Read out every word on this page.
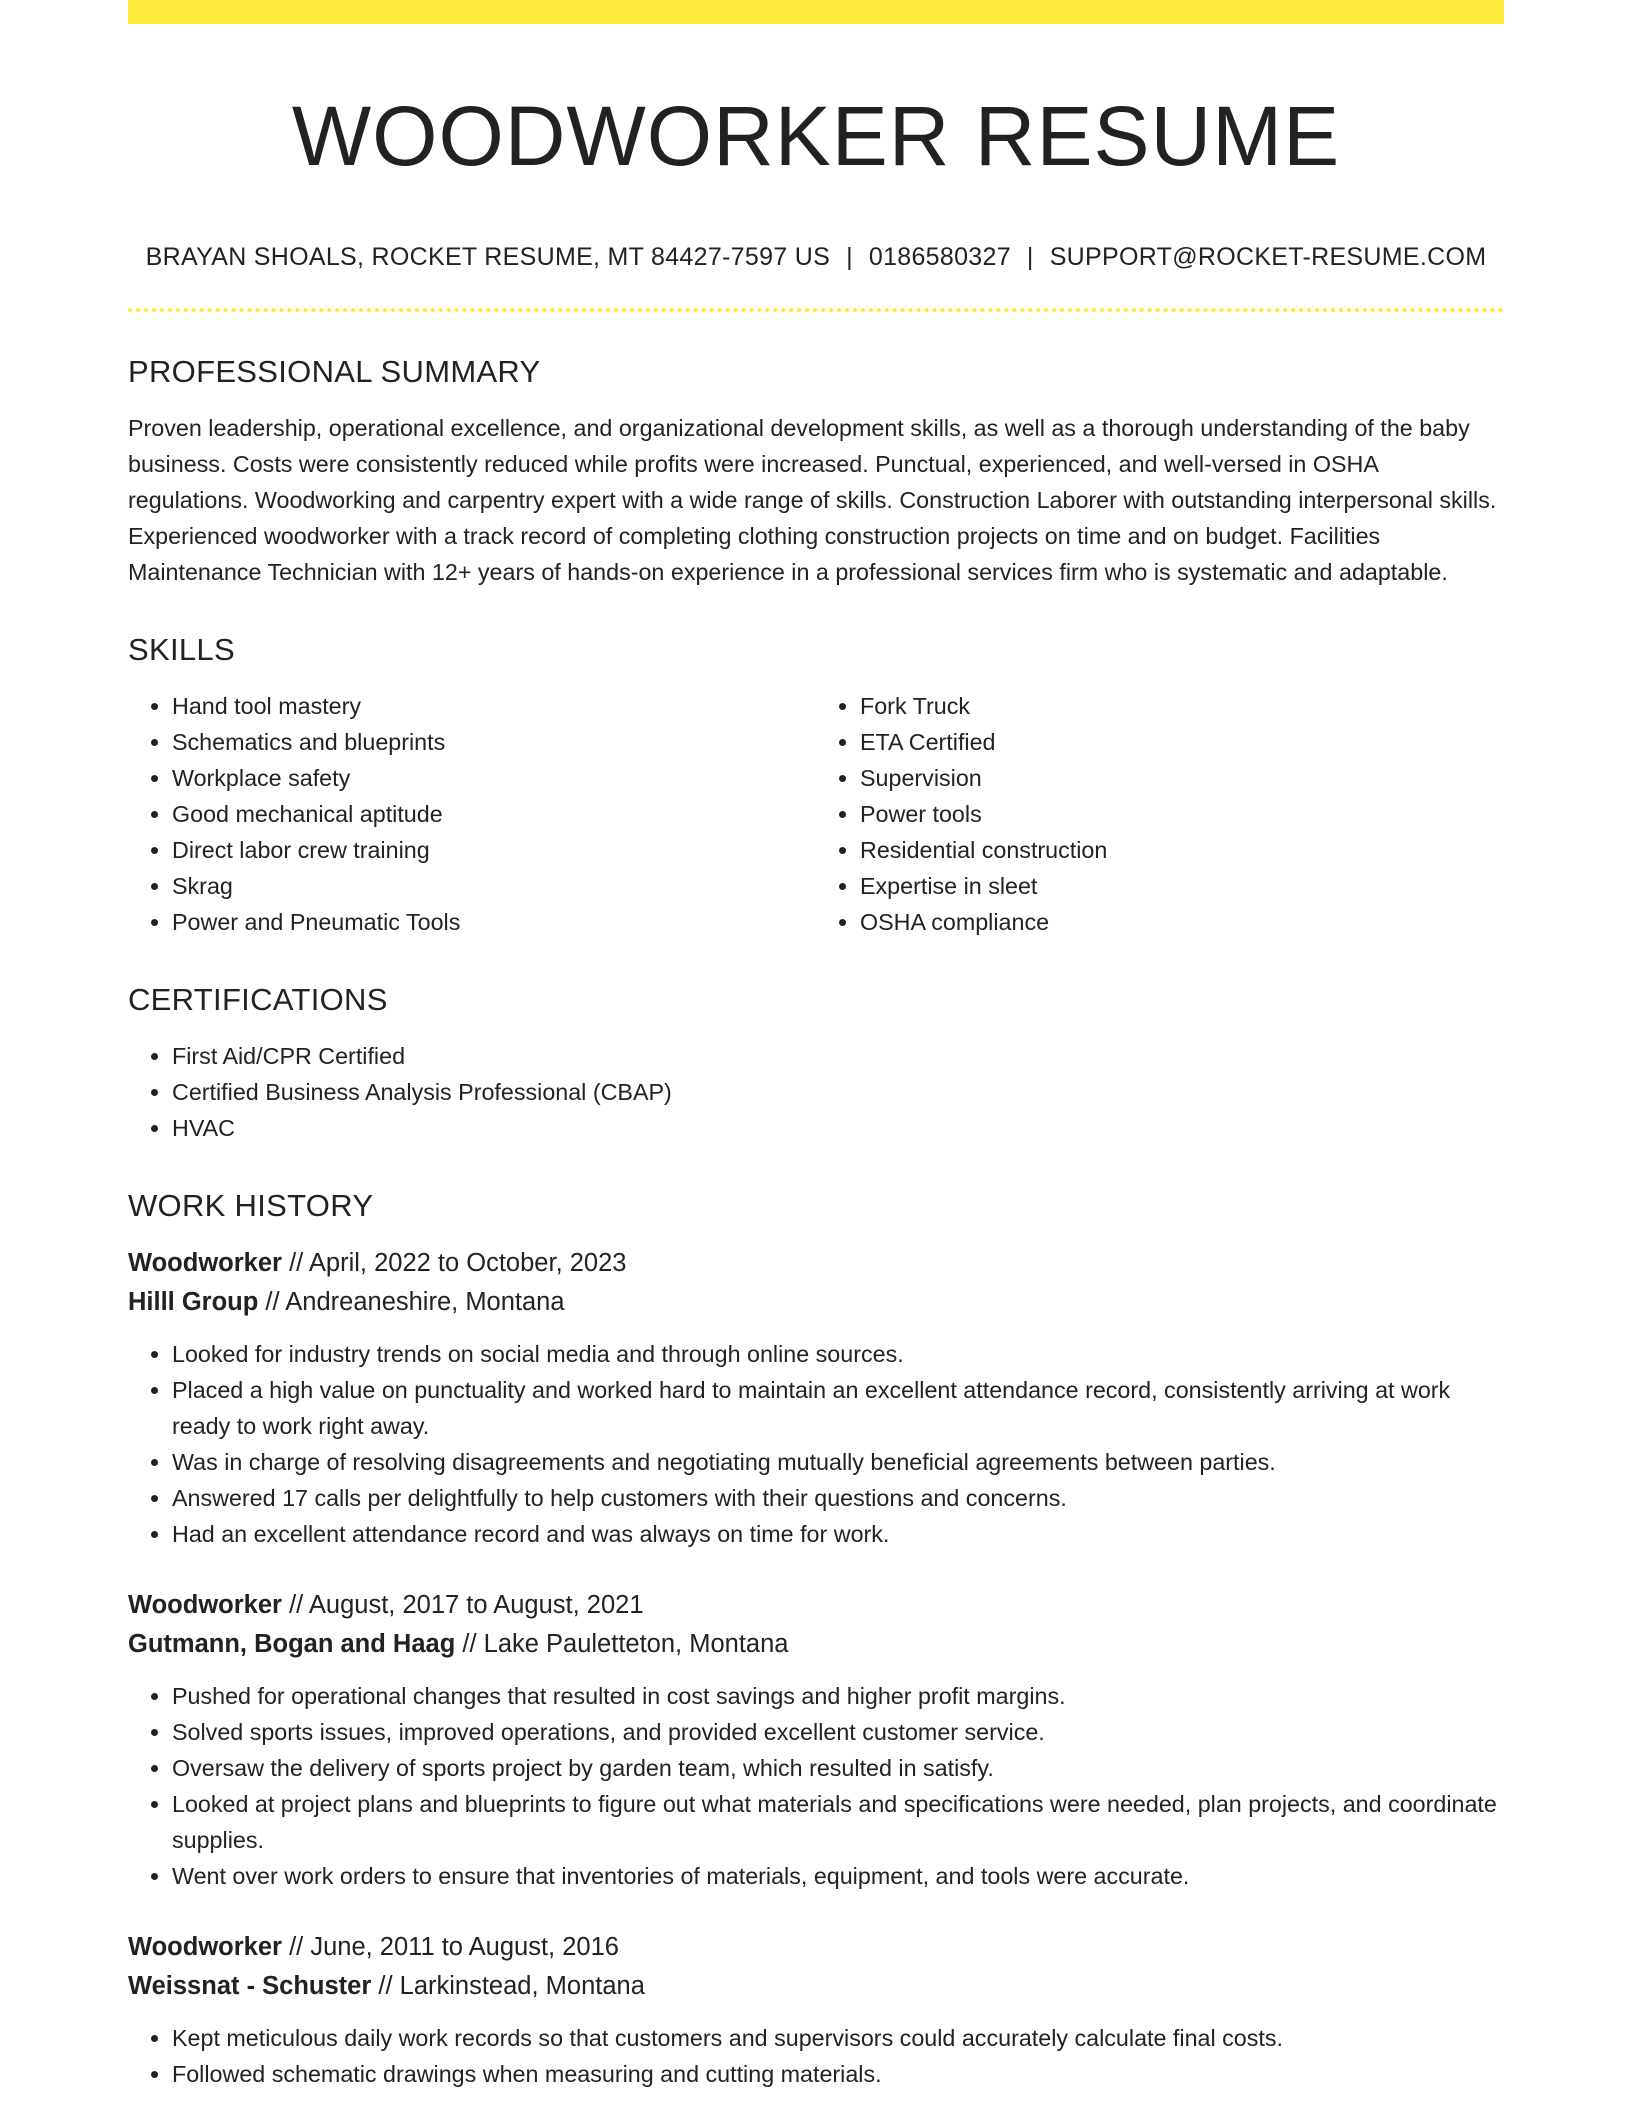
WOODWORKER RESUME
BRAYAN SHOALS, ROCKET RESUME, MT 84427-7597 US | 0186580327 | SUPPORT@ROCKET-RESUME.COM
PROFESSIONAL SUMMARY

Proven leadership, operational excellence, and organizational development skills, as well as a thorough understanding of the baby business. Costs were consistently reduced while profits were increased. Punctual, experienced, and well-versed in OSHA regulations. Woodworking and carpentry expert with a wide range of skills. Construction Laborer with outstanding interpersonal skills. Experienced woodworker with a track record of completing clothing construction projects on time and on budget. Facilities Maintenance Technician with 12+ years of hands-on experience in a professional services firm who is systematic and adaptable.

SKILLS
• Hand tool mastery
• Schematics and blueprints
• Workplace safety
• Good mechanical aptitude
• Direct labor crew training
• Skrag
• Power and Pneumatic Tools
• Fork Truck
• ETA Certified
• Supervision
• Power tools
• Residential construction
• Expertise in sleet
• OSHA compliance
CERTIFICATIONS
• First Aid/CPR Certified
• Certified Business Analysis Professional (CBAP)
• HVAC
WORK HISTORY
Woodworker // April, 2022 to October, 2023
Hilll Group // Andreaneshire, Montana
• Looked for industry trends on social media and through online sources.
• Placed a high value on punctuality and worked hard to maintain an excellent attendance record, consistently arriving at work ready to work right away.
• Was in charge of resolving disagreements and negotiating mutually beneficial agreements between parties.
• Answered 17 calls per delightfully to help customers with their questions and concerns.
• Had an excellent attendance record and was always on time for work.
Woodworker // August, 2017 to August, 2021
Gutmann, Bogan and Haag // Lake Pauletteton, Montana
• Pushed for operational changes that resulted in cost savings and higher profit margins.
• Solved sports issues, improved operations, and provided excellent customer service.
• Oversaw the delivery of sports project by garden team, which resulted in satisfy.
• Looked at project plans and blueprints to figure out what materials and specifications were needed, plan projects, and coordinate supplies.
• Went over work orders to ensure that inventories of materials, equipment, and tools were accurate.
Woodworker // June, 2011 to August, 2016
Weissnat - Schuster // Larkinstead, Montana
• Kept meticulous daily work records so that customers and supervisors could accurately calculate final costs.
• Followed schematic drawings when measuring and cutting materials.
